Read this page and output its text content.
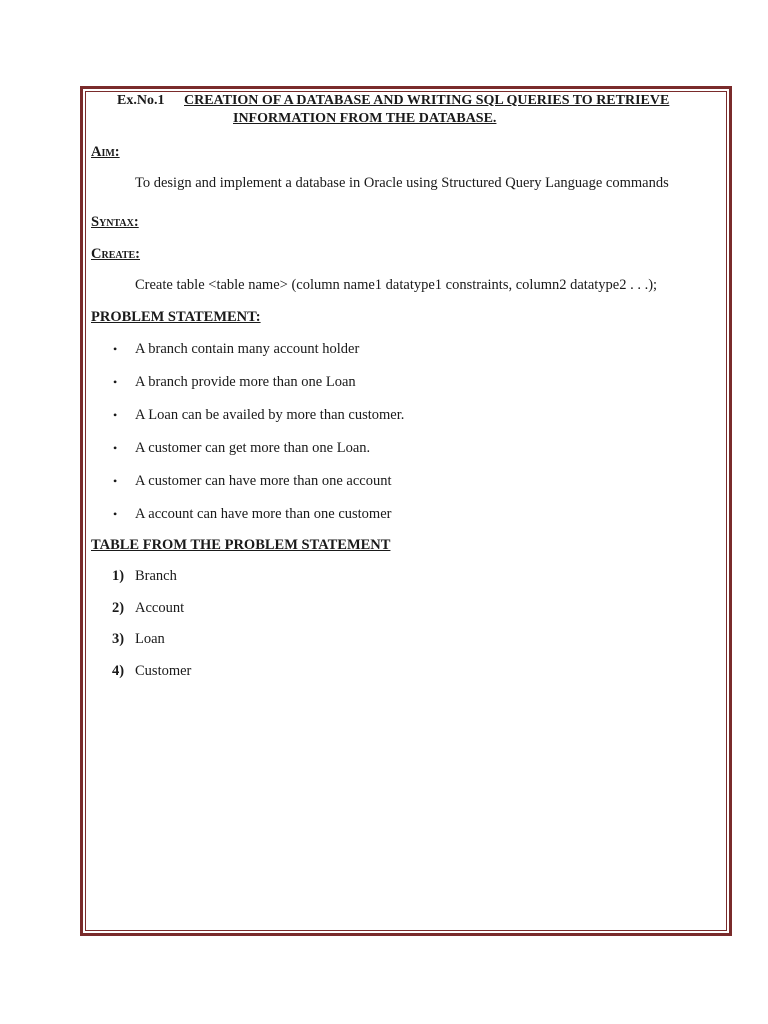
Ex.No.1 CREATION OF A DATABASE AND WRITING SQL QUERIES TO RETRIEVE
INFORMATION FROM THE DATABASE.
Aim:
To design and implement a database in Oracle using Structured Query Language commands
Syntax:
Create:
Create table <table name> (column name1 datatype1 constraints, column2 datatype2 . . .);
PROBLEM STATEMENT:
• A branch contain many account holder
• A branch provide more than one Loan
• A Loan can be availed by more than customer.
• A customer can get more than one Loan.
• A customer can have more than one account
• A account can have more than one customer
TABLE FROM THE PROBLEM STATEMENT
1) Branch
2) Account
3) Loan
4) Customer
